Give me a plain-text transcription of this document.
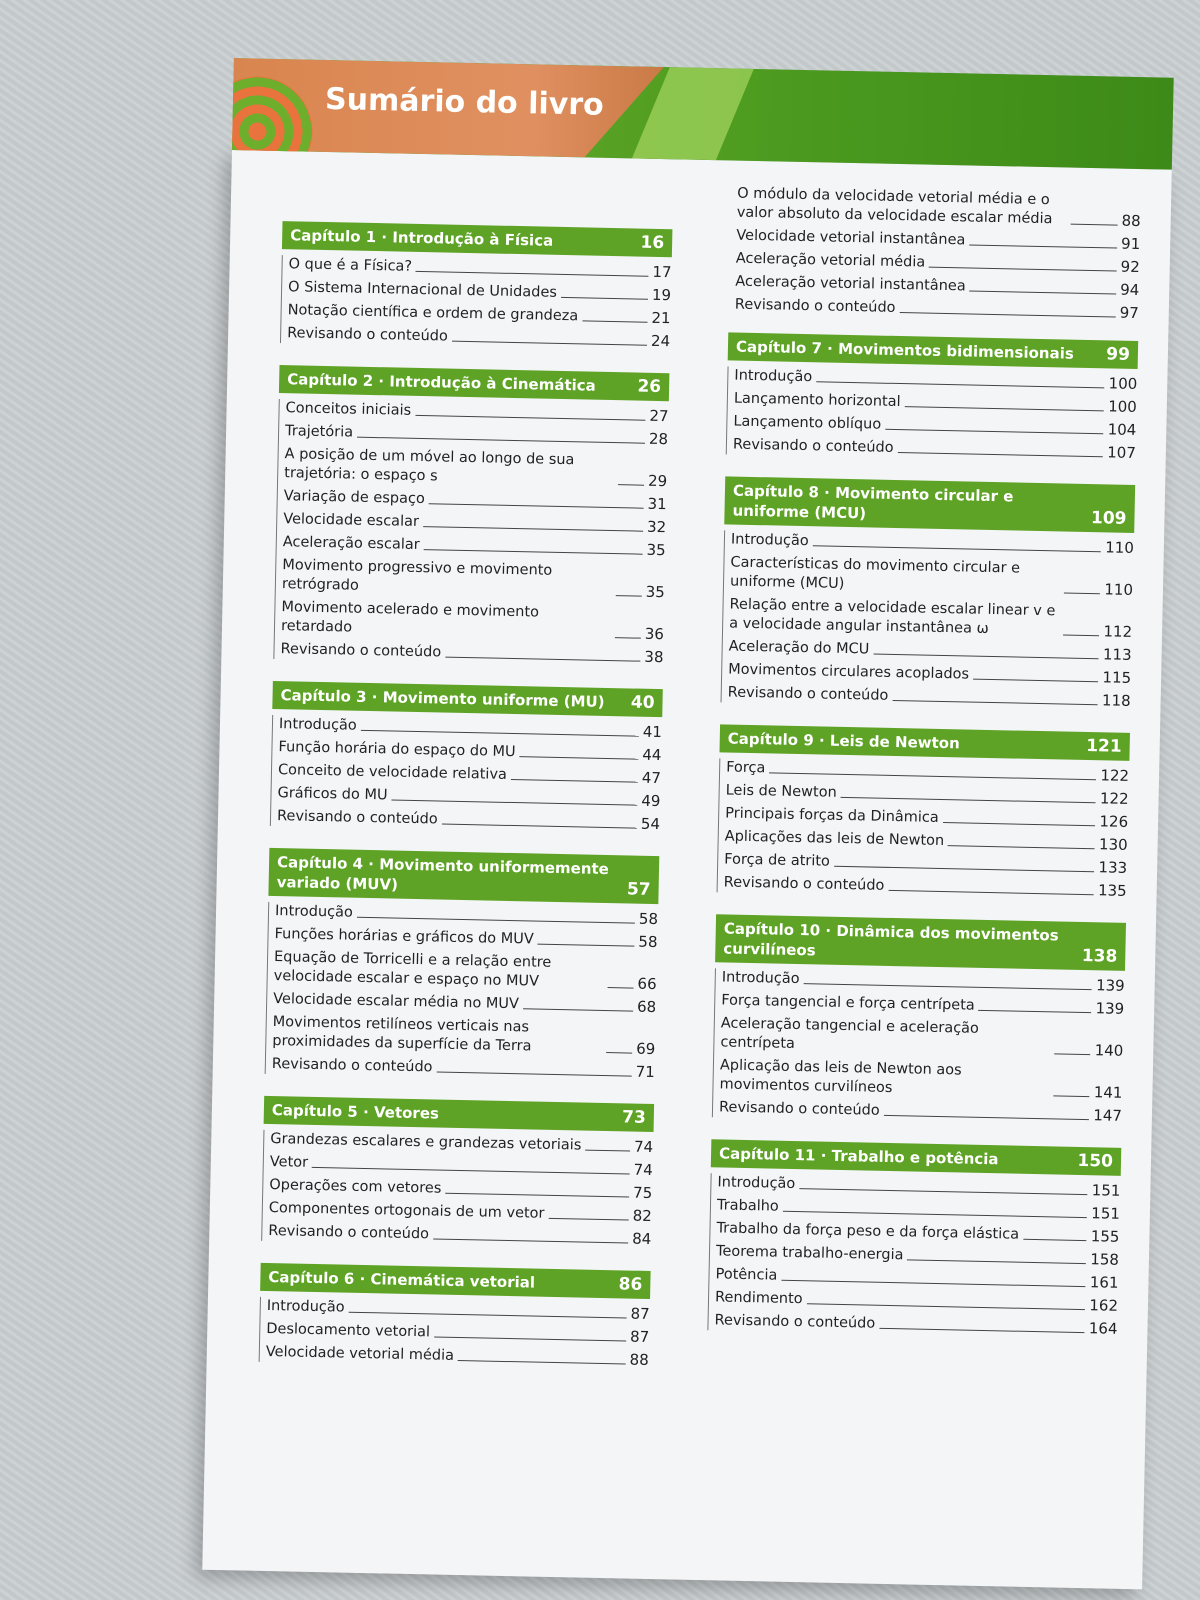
Sumário do livro
Capítulo 1 · Introdução à Física	16
O que é a Física?	17
O Sistema Internacional de Unidades	19
Notação científica e ordem de grandeza	21
Revisando o conteúdo	24
Capítulo 2 · Introdução à Cinemática	26
Conceitos iniciais	27
Trajetória	28
A posição de um móvel ao longo de sua trajetória: o espaço s	29
Variação de espaço	31
Velocidade escalar	32
Aceleração escalar	35
Movimento progressivo e movimento retrógrado	35
Movimento acelerado e movimento retardado	36
Revisando o conteúdo	38
Capítulo 3 · Movimento uniforme (MU)	40
Introdução	41
Função horária do espaço do MU	44
Conceito de velocidade relativa	47
Gráficos do MU	49
Revisando o conteúdo	54
Capítulo 4 · Movimento uniformemente variado (MUV)	57
Introdução	58
Funções horárias e gráficos do MUV	58
Equação de Torricelli e a relação entre velocidade escalar e espaço no MUV	66
Velocidade escalar média no MUV	68
Movimentos retilíneos verticais nas proximidades da superfície da Terra	69
Revisando o conteúdo	71
Capítulo 5 · Vetores	73
Grandezas escalares e grandezas vetoriais	74
Vetor	74
Operações com vetores	75
Componentes ortogonais de um vetor	82
Revisando o conteúdo	84
Capítulo 6 · Cinemática vetorial	86
Introdução	87
Deslocamento vetorial	87
Velocidade vetorial média	88
O módulo da velocidade vetorial média e o valor absoluto da velocidade escalar média	88
Velocidade vetorial instantânea	91
Aceleração vetorial média	92
Aceleração vetorial instantânea	94
Revisando o conteúdo	97
Capítulo 7 · Movimentos bidimensionais	99
Introdução	100
Lançamento horizontal	100
Lançamento oblíquo	104
Revisando o conteúdo	107
Capítulo 8 · Movimento circular e uniforme (MCU)	109
Introdução	110
Características do movimento circular e uniforme (MCU)	110
Relação entre a velocidade escalar linear v e a velocidade angular instantânea ω	112
Aceleração do MCU	113
Movimentos circulares acoplados	115
Revisando o conteúdo	118
Capítulo 9 · Leis de Newton	121
Força	122
Leis de Newton	122
Principais forças da Dinâmica	126
Aplicações das leis de Newton	130
Força de atrito	133
Revisando o conteúdo	135
Capítulo 10 · Dinâmica dos movimentos curvilíneos	138
Introdução	139
Força tangencial e força centrípeta	139
Aceleração tangencial e aceleração centrípeta	140
Aplicação das leis de Newton aos movimentos curvilíneos	141
Revisando o conteúdo	147
Capítulo 11 · Trabalho e potência	150
Introdução	151
Trabalho	151
Trabalho da força peso e da força elástica	155
Teorema trabalho-energia	158
Potência	161
Rendimento	162
Revisando o conteúdo	164
